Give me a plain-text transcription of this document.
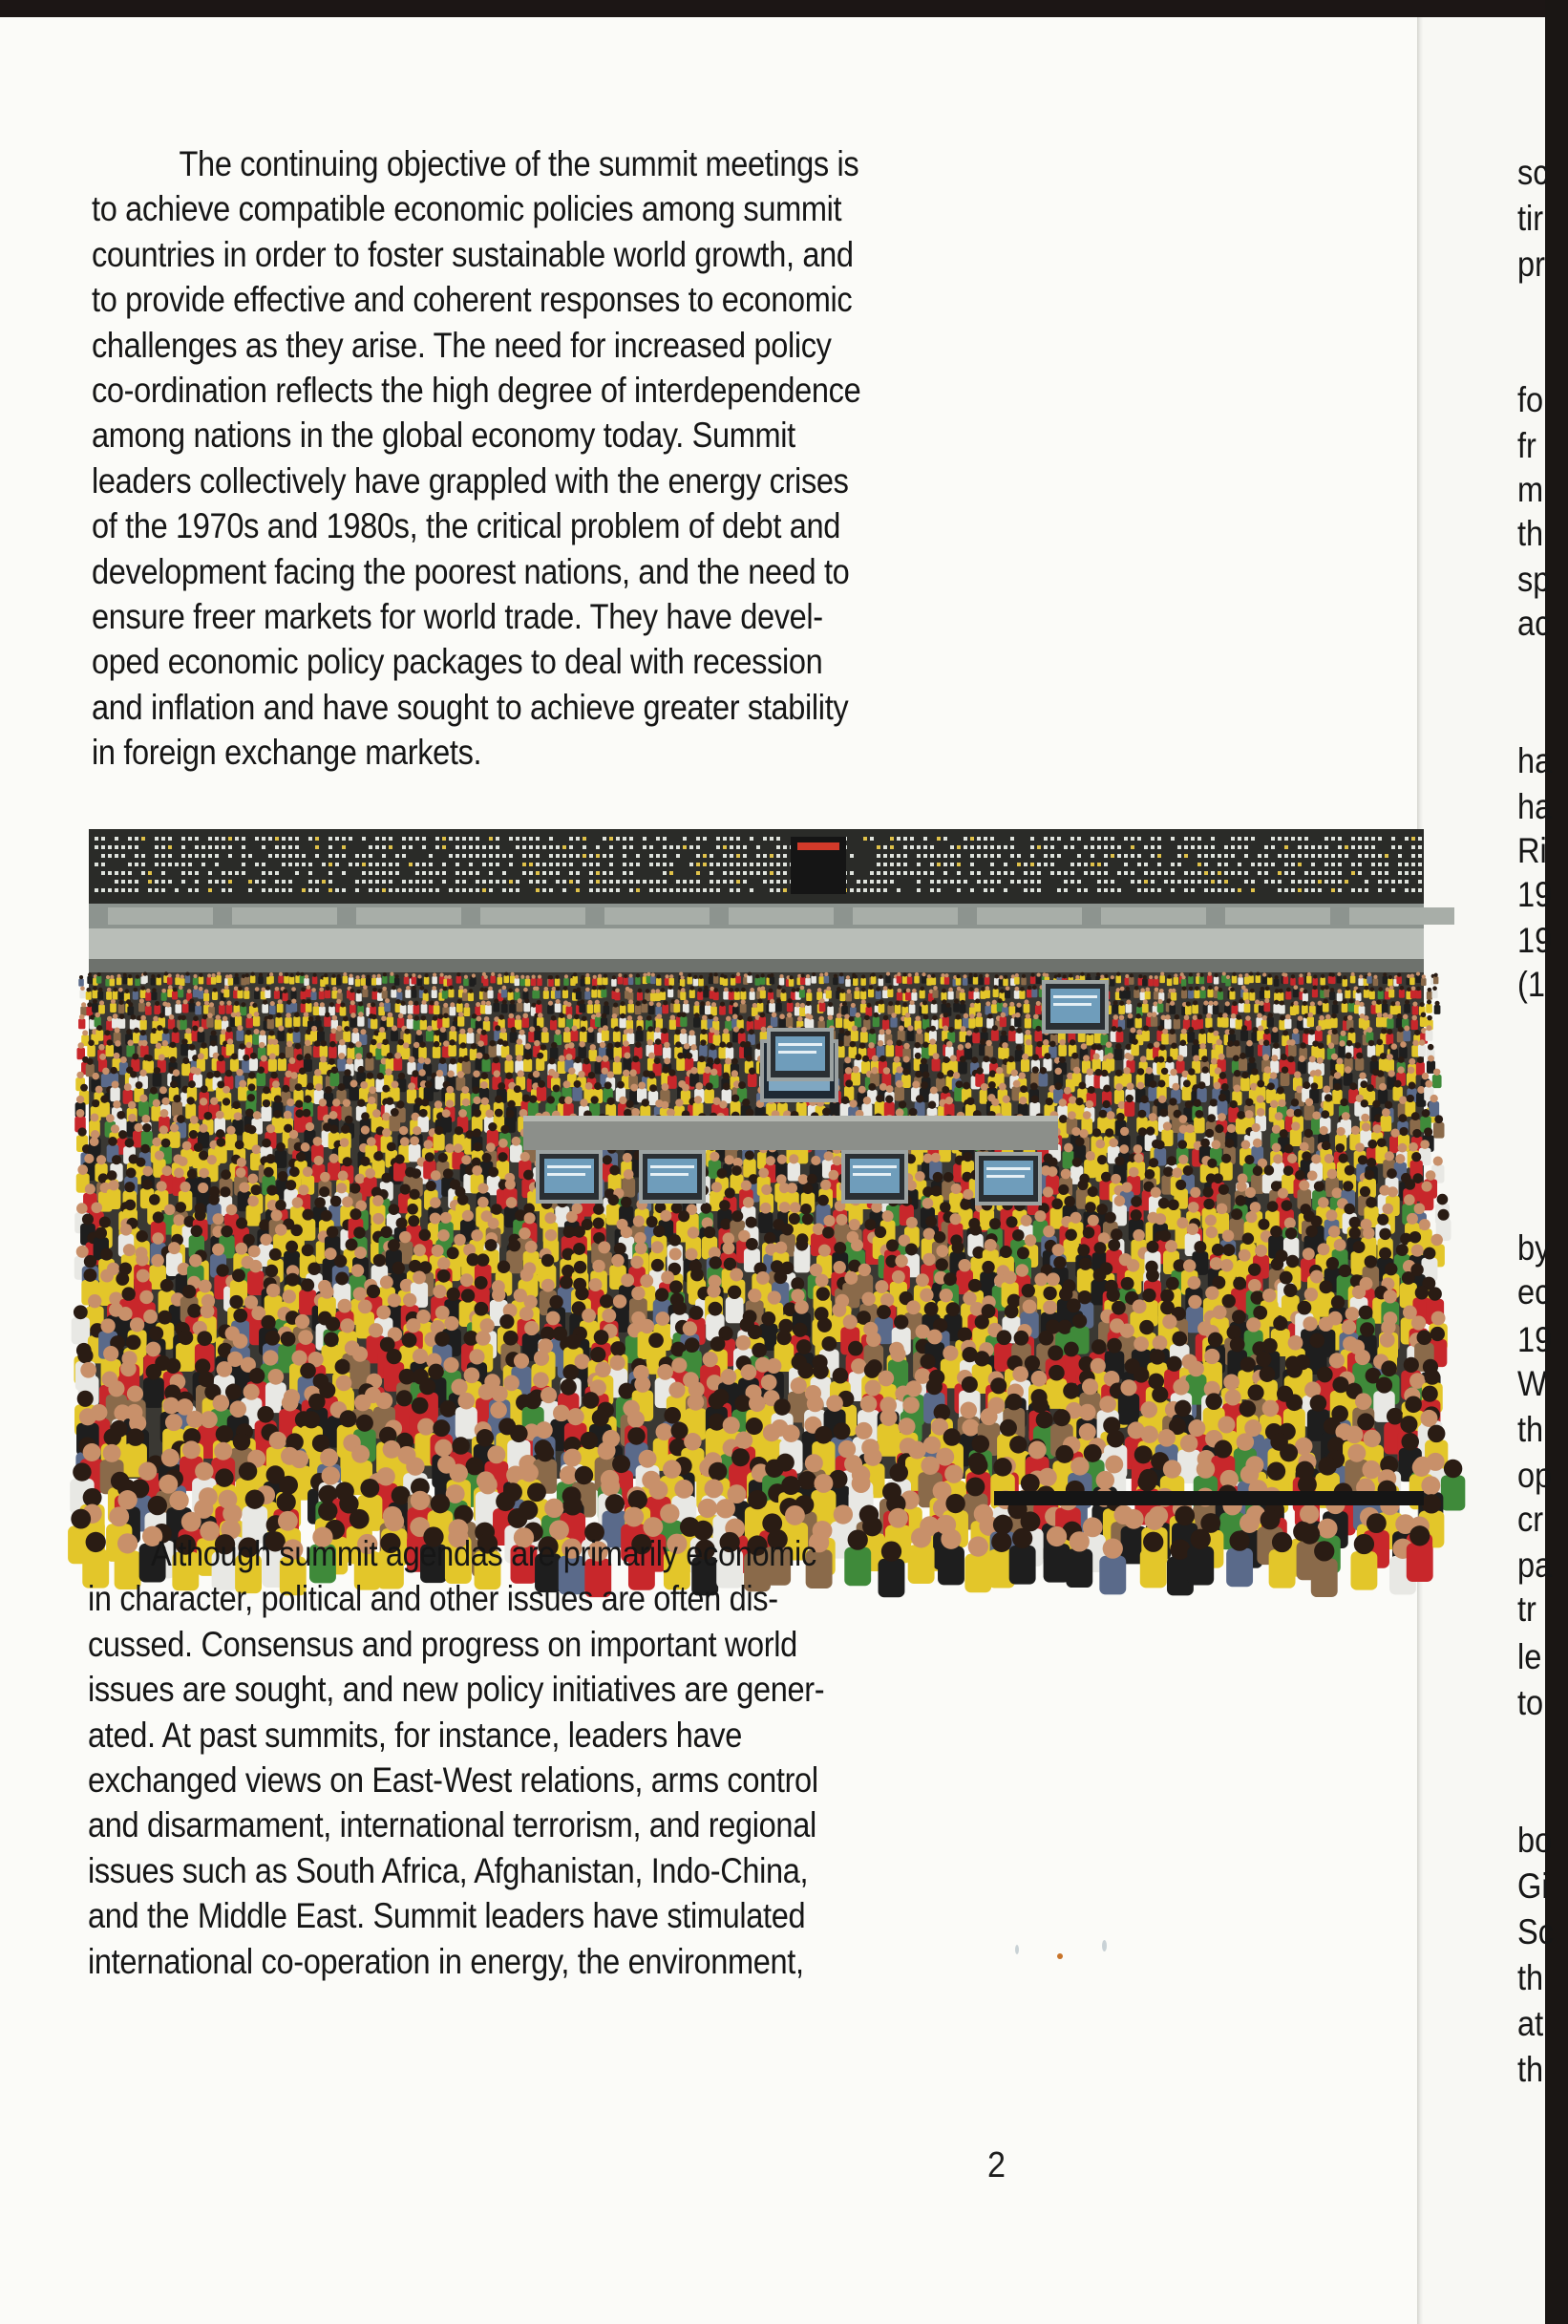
The continuing objective of the summit meetings is
to achieve compatible economic policies among summit
countries in order to foster sustainable world growth, and
to provide effective and coherent responses to economic
challenges as they arise. The need for increased policy
co-ordination reflects the high degree of interdependence
among nations in the global economy today. Summit
leaders collectively have grappled with the energy crises
of the 1970s and 1980s, the critical problem of debt and
development facing the poorest nations, and the need to
ensure freer markets for world trade. They have devel-
oped economic policy packages to deal with recession
and inflation and have sought to achieve greater stability
in foreign exchange markets.
Although summit agendas are primarily economic
in character, political and other issues are often dis-
cussed. Consensus and progress on important world
issues are sought, and new policy initiatives are gener-
ated. At past summits, for instance, leaders have
exchanged views on East-West relations, arms control
and disarmament, international terrorism, and regional
issues such as South Africa, Afghanistan, Indo-China,
and the Middle East. Summit leaders have stimulated
international co-operation in energy, the environment,
2
sc
tir
pr
fo
fr
m
th
sp
ac
ha
ha
Ri
19
19
(1
by
ec
19
W
th
op
cr
pa
tr
le
to
bo
Gi
Sc
th
at
th
